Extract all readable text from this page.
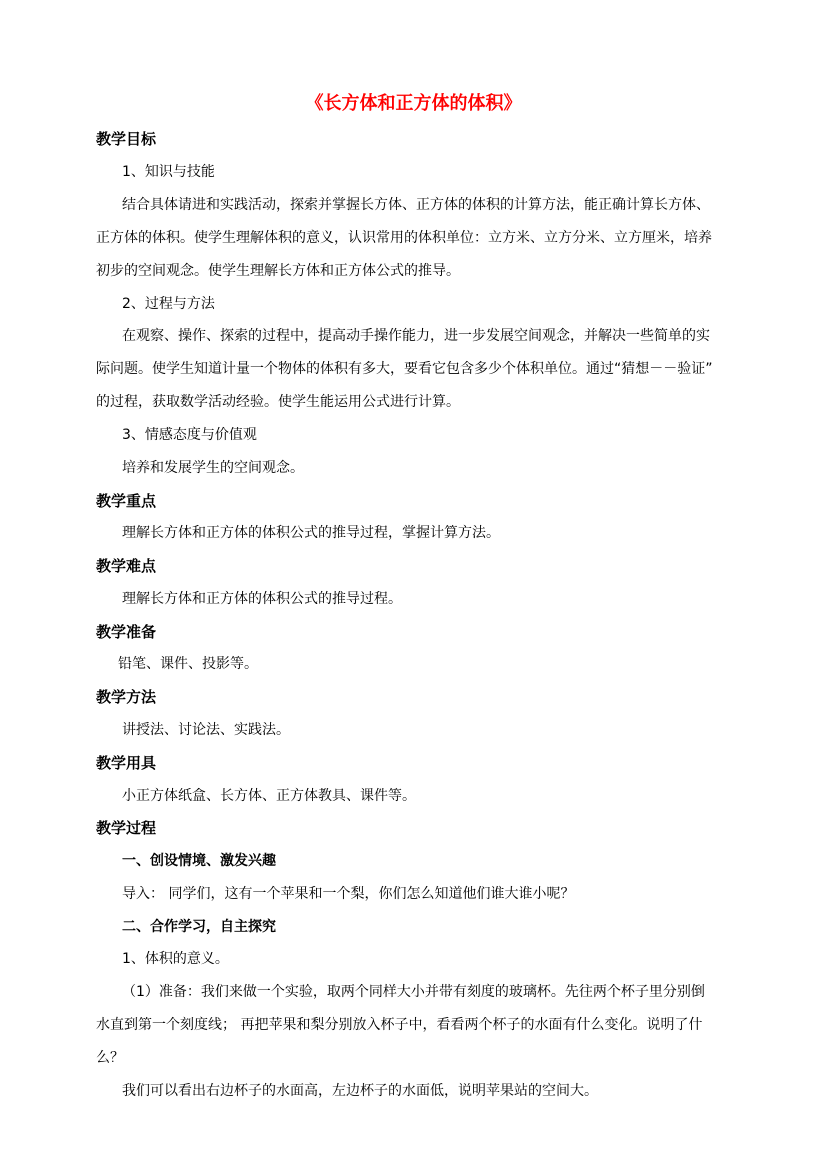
《长方体和正方体的体积》
教学目标
1、知识与技能
结合具体请进和实践活动，探索并掌握长方体、正方体的体积的计算方法，能正确计算长方体、
正方体的体积。使学生理解体积的意义，认识常用的体积单位：立方米、立方分米、立方厘米，培养
初步的空间观念。使学生理解长方体和正方体公式的推导。
2、过程与方法
在观察、操作、探索的过程中，提高动手操作能力，进一步发展空间观念，并解决一些简单的实
际问题。使学生知道计量一个物体的体积有多大，要看它包含多少个体积单位。通过“猜想－－验证”
的过程，获取数学活动经验。使学生能运用公式进行计算。
3、情感态度与价值观
培养和发展学生的空间观念。
教学重点
理解长方体和正方体的体积公式的推导过程，掌握计算方法。
教学难点
理解长方体和正方体的体积公式的推导过程。
教学准备
铅笔、课件、投影等。
教学方法
讲授法、讨论法、实践法。
教学用具
小正方体纸盒、长方体、正方体教具、课件等。
教学过程
一、创设情境、激发兴趣
导入： 同学们，这有一个苹果和一个梨，你们怎么知道他们谁大谁小呢？
二、合作学习，自主探究
1、体积的意义。
（1）准备：我们来做一个实验，取两个同样大小并带有刻度的玻璃杯。先往两个杯子里分别倒
水直到第一个刻度线； 再把苹果和梨分别放入杯子中，看看两个杯子的水面有什么变化。说明了什
么？
我们可以看出右边杯子的水面高，左边杯子的水面低，说明苹果站的空间大。
